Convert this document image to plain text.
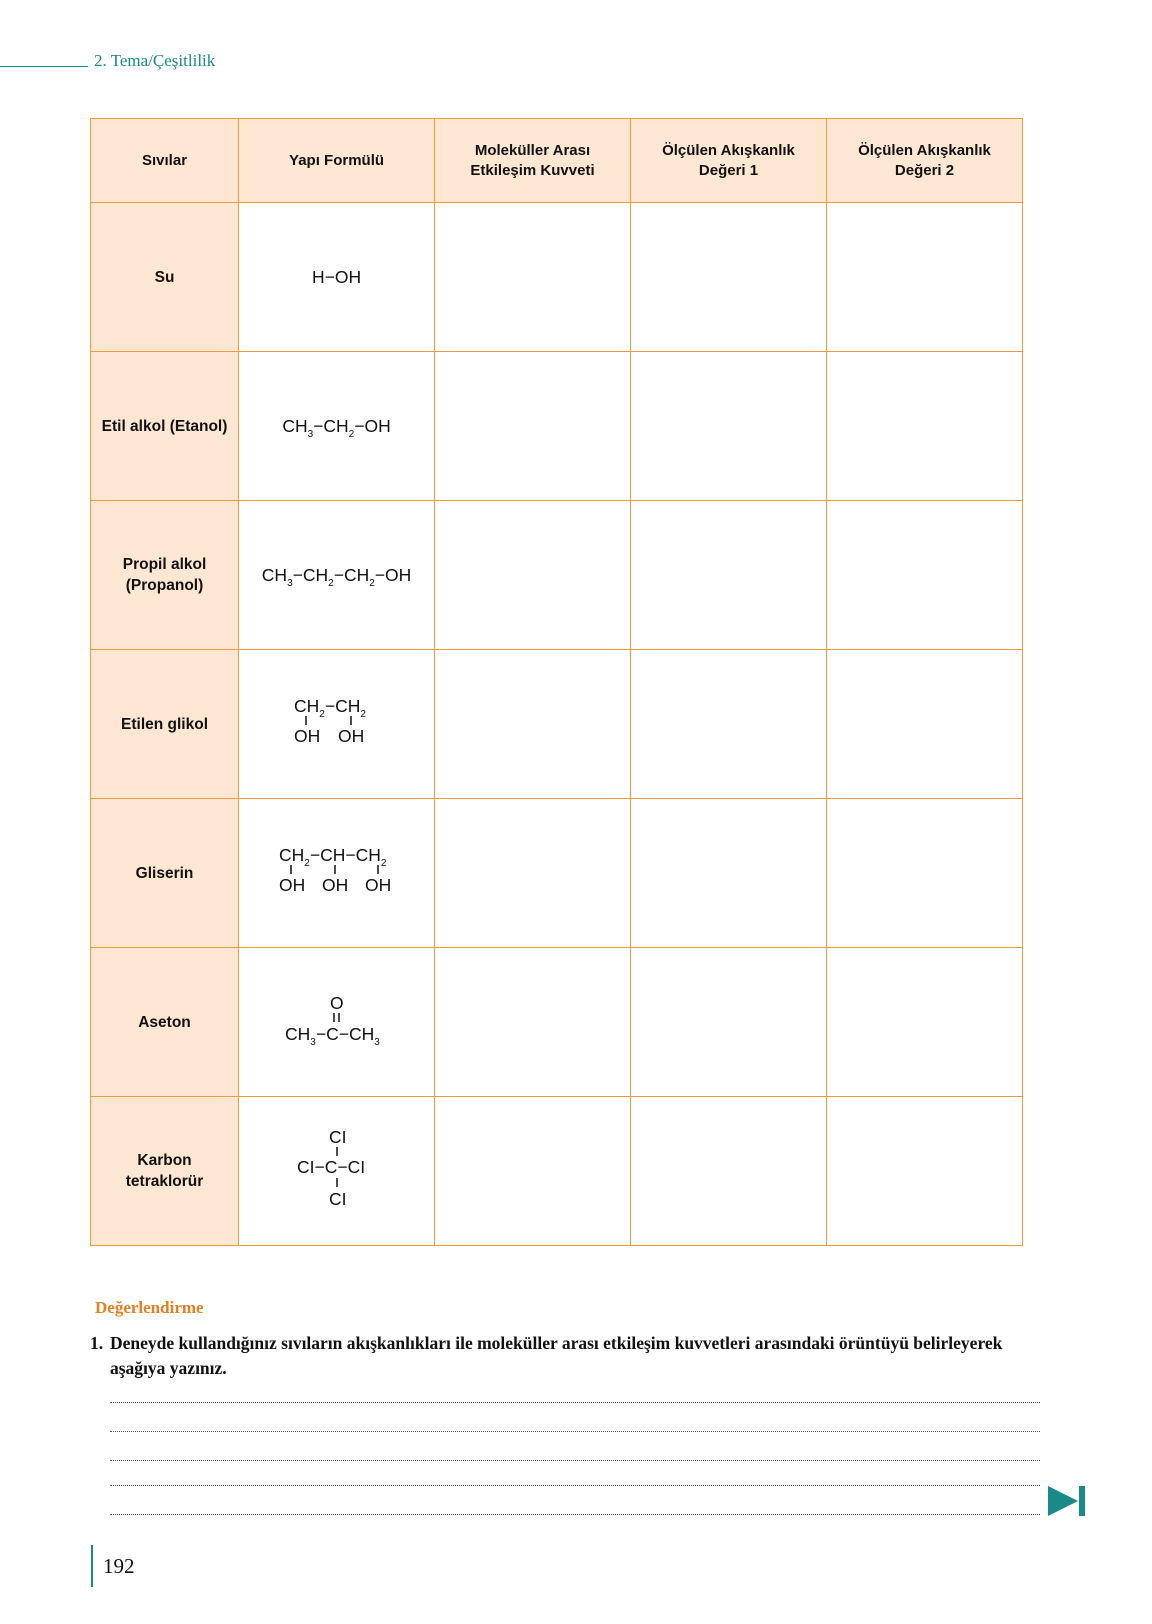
2. Tema/Çeşitlilik
Sıvılar	Yapı Formülü	Moleküller Arası Etkileşim Kuvveti	Ölçülen Akışkanlık Değeri 1	Ölçülen Akışkanlık Değeri 2
Su	H−OH			
Etil alkol (Etanol)	$CH_3-CH_2-OH$			
Propil alkol (Propanol)	$CH_3-CH_2-CH_2-OH$			
Etilen glikol	$CH_2-CH_2$
OH OH			

Gliserin	$CH_2-CH-CH_2$
OH OH OH			

Aseton	O
$CH_3-C-CH_3$

Karbon tetraklorür	CI
CI−C−CI
CI			

Değerlendirme
1. Deneyde kullandığınız sıvıların akışkanlıkları ile moleküller arası etkileşim kuvvetleri arasındaki örüntüyü belirleyerek aşağıya yazınız.
192
